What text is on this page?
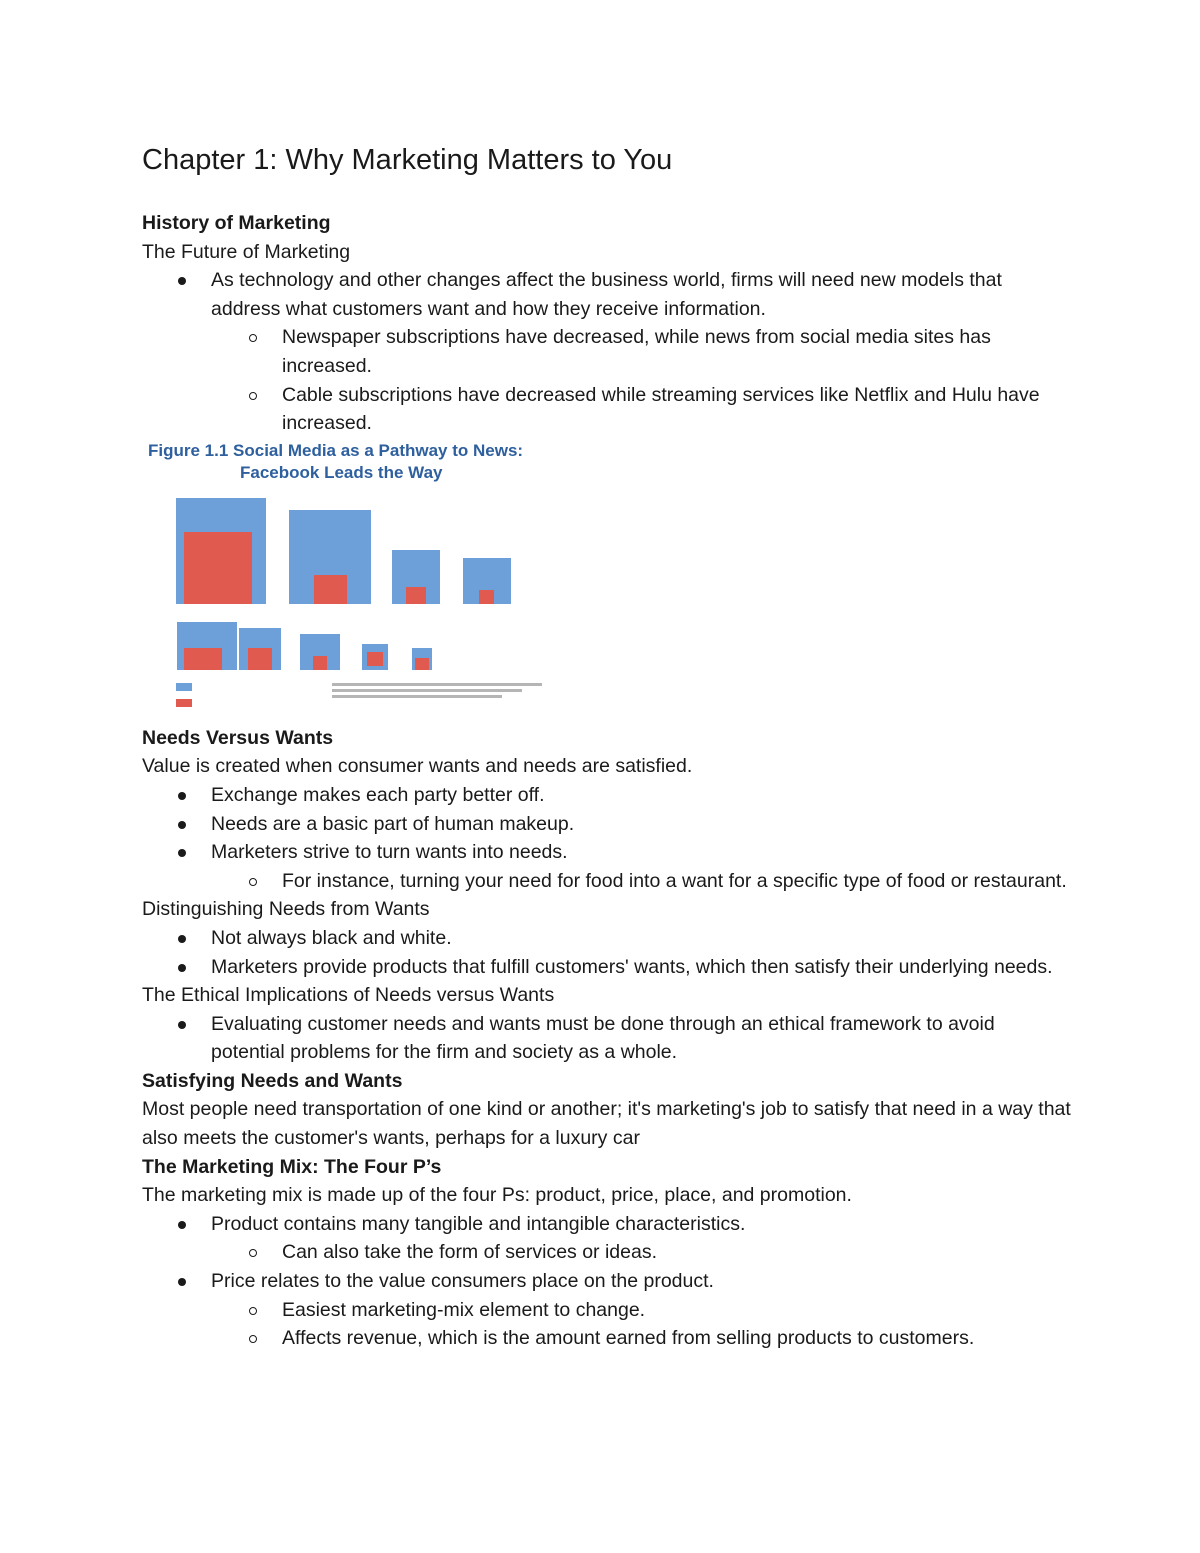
Chapter 1: Why Marketing Matters to You

History of Marketing

The Future of Marketing

As technology and other changes affect the business world, firms will need new models that address what customers want and how they receive information.
Newspaper subscriptions have decreased, while news from social media sites has increased.
Cable subscriptions have decreased while streaming services like Netflix and Hulu have increased.
Figure 1.1 Social Media as a Pathway to News:
Facebook Leads the Way

Needs Versus Wants

Value is created when consumer wants and needs are satisfied.

Exchange makes each party better off.
Needs are a basic part of human makeup.
Marketers strive to turn wants into needs.
For instance, turning your need for food into a want for a specific type of food or restaurant.

Distinguishing Needs from Wants

Not always black and white.
Marketers provide products that fulfill customers' wants, which then satisfy their underlying needs.

The Ethical Implications of Needs versus Wants

Evaluating customer needs and wants must be done through an ethical framework to avoid potential problems for the firm and society as a whole.

Satisfying Needs and Wants

Most people need transportation of one kind or another; it's marketing's job to satisfy that need in a way that also meets the customer's wants, perhaps for a luxury car

The Marketing Mix: The Four P’s

The marketing mix is made up of the four Ps: product, price, place, and promotion.

Product contains many tangible and intangible characteristics.
Can also take the form of services or ideas.
Price relates to the value consumers place on the product.
Easiest marketing-mix element to change.
Affects revenue, which is the amount earned from selling products to customers.
